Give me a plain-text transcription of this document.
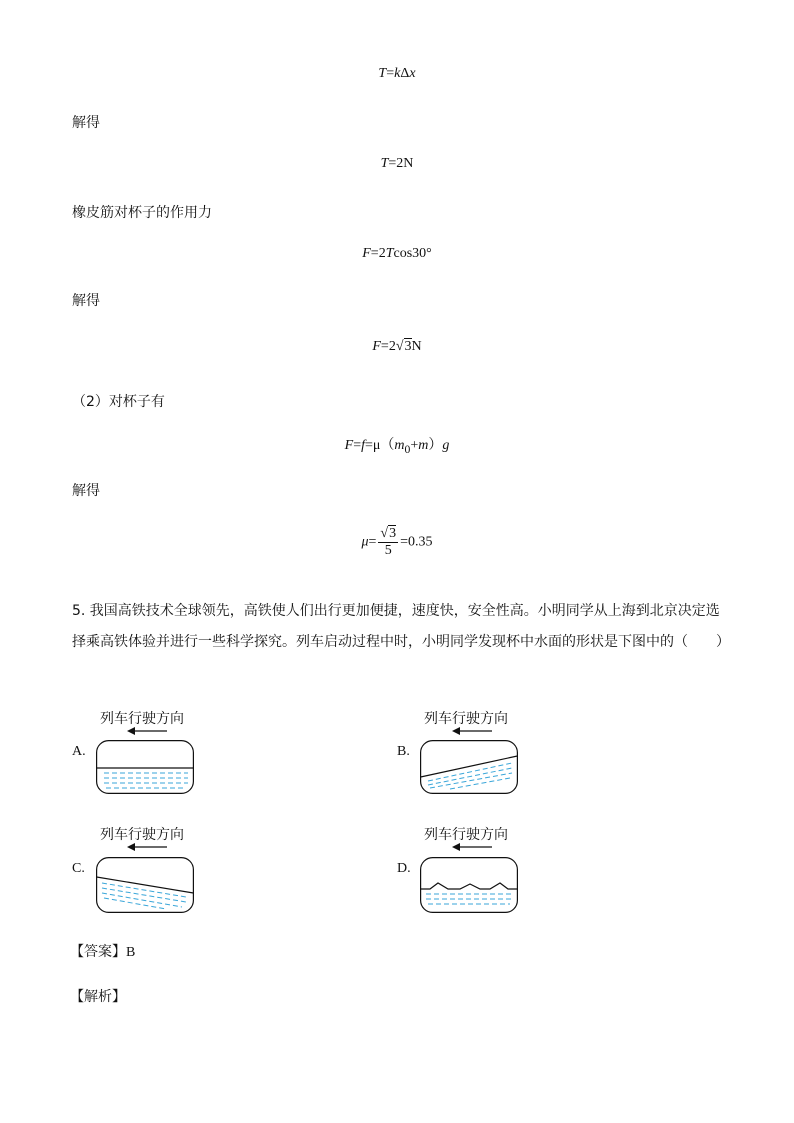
T=kΔx
解得
T=2N
橡皮筋对杯子的作用力
F=2Tcos30°
解得
F=2√3N
（2）对杯子有
$F=f=\mu(m_0+m)g$
解得
$\mu= \frac{√3}{5} =0.35$
5. 我国高铁技术全球领先，高铁使人们出行更加便捷，速度快，安全性高。小明同学从上海到北京决定选择乘高铁体验并进行一些科学探究。列车启动过程中时，小明同学发现杯中水面的形状是下图中的（　　）
列车行驶方向
A.
列车行驶方向
B.
列车行驶方向
C.
列车行驶方向
D.
【答案】B
【解析】
